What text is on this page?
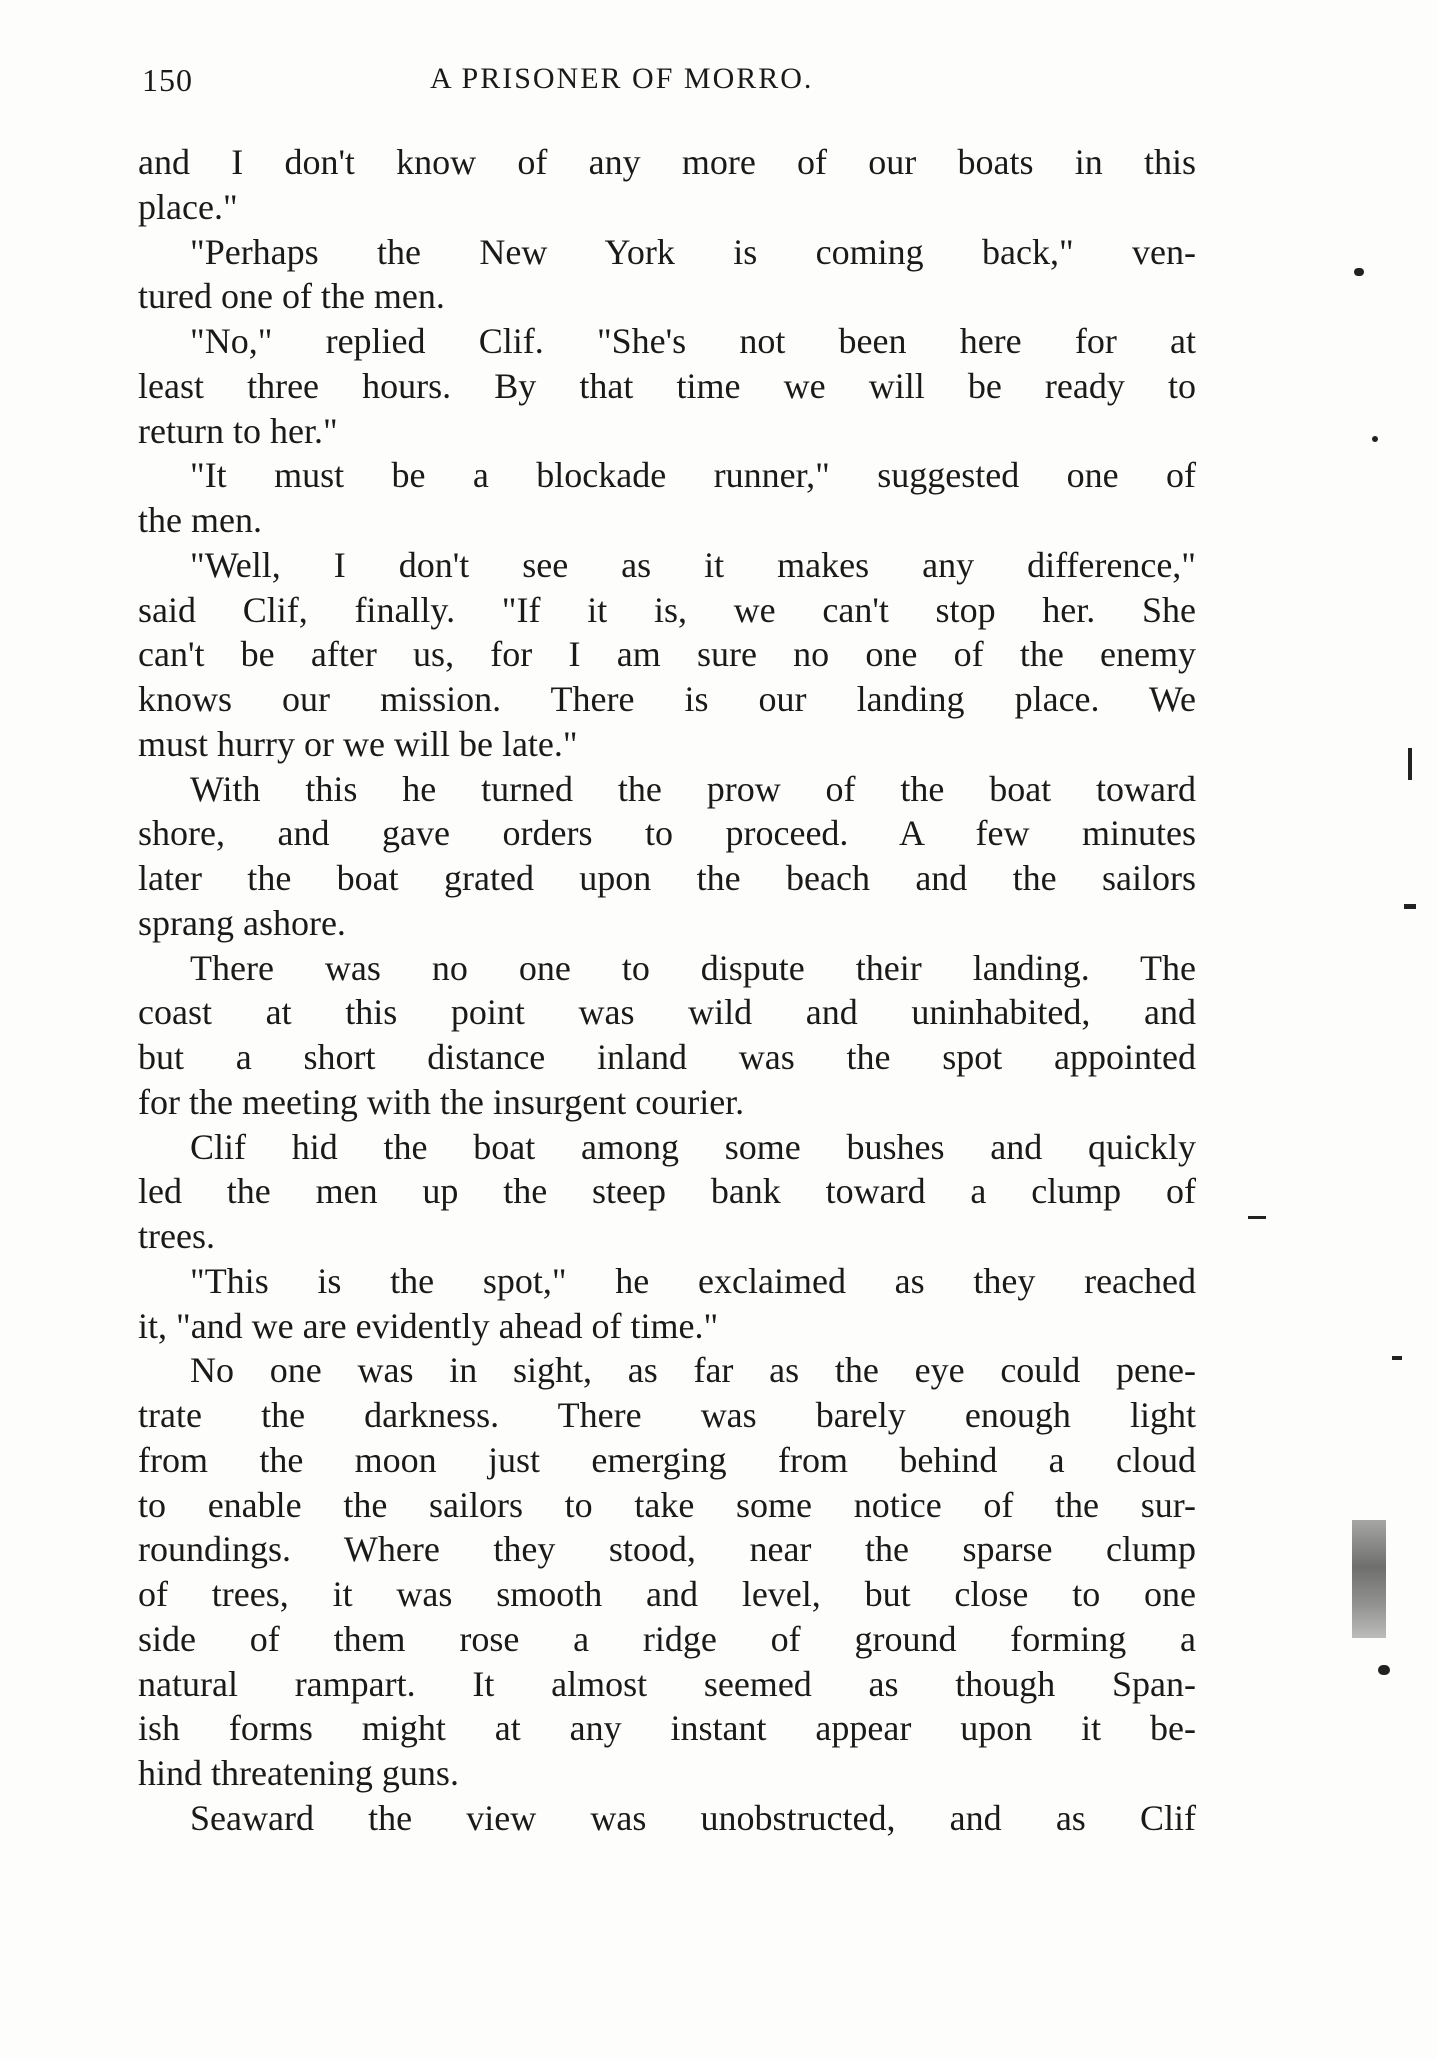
150	A PRISONER OF MORRO.
and I don't know of any more of our boats in this
place."
"Perhaps the New York is coming back," ven-
tured one of the men.
"No," replied Clif. "She's not been here for at
least three hours. By that time we will be ready to
return to her."
"It must be a blockade runner," suggested one of
the men.
"Well, I don't see as it makes any difference,"
said Clif, finally. "If it is, we can't stop her. She
can't be after us, for I am sure no one of the enemy
knows our mission. There is our landing place. We
must hurry or we will be late."
With this he turned the prow of the boat toward
shore, and gave orders to proceed. A few minutes
later the boat grated upon the beach and the sailors
sprang ashore.
There was no one to dispute their landing. The
coast at this point was wild and uninhabited, and
but a short distance inland was the spot appointed
for the meeting with the insurgent courier.
Clif hid the boat among some bushes and quickly
led the men up the steep bank toward a clump of
trees.
"This is the spot," he exclaimed as they reached
it, "and we are evidently ahead of time."
No one was in sight, as far as the eye could pene-
trate the darkness. There was barely enough light
from the moon just emerging from behind a cloud
to enable the sailors to take some notice of the sur-
roundings. Where they stood, near the sparse clump
of trees, it was smooth and level, but close to one
side of them rose a ridge of ground forming a
natural rampart. It almost seemed as though Span-
ish forms might at any instant appear upon it be-
hind threatening guns.
Seaward the view was unobstructed, and as Clif
